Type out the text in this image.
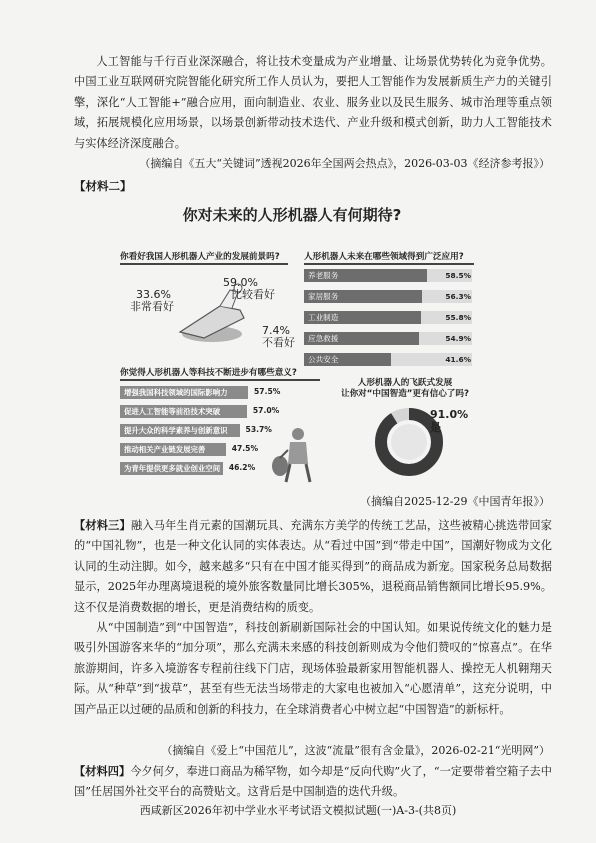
人工智能与千行百业深深融合，将让技术变量成为产业增量、让场景优势转化为竞争优势。中国工业互联网研究院智能化研究所工作人员认为，要把人工智能作为发展新质生产力的关键引擎，深化“人工智能+”融合应用，面向制造业、农业、服务业以及民生服务、城市治理等重点领域，拓展规模化应用场景，以场景创新带动技术迭代、产业升级和模式创新，助力人工智能技术与实体经济深度融合。

（摘编自《五大“关键词”透视2026年全国两会热点》，2026-03-03《经济参考报》）

【材料二】

你对未来的人形机器人有何期待?
你看好我国人形机器人产业的发展前景吗?
59.0%
比较看好
33.6%
非常看好
7.4%
不看好
人形机器人未来在哪些领域得到广泛应用?
养老服务	58.5%
家居服务	56.3%
工业制造	55.8%
应急救援	54.9%
公共安全	41.6%
你觉得人形机器人等科技不断进步有哪些意义?
增强我国科技领域的国际影响力	57.5%
促进人工智能等前沿技术突破	57.0%
提升大众的科学素养与创新意识 53.7%
推动相关产业链发展完善	47.5%
为青年提供更多就业创业空间 46.2%
人形机器人的飞跃式发展
让你对“中国智造”更有信心了吗?
91.0%
是

（摘编自2025-12-29《中国青年报》）

【材料三】融入马年生肖元素的国潮玩具、充满东方美学的传统工艺品，这些被精心挑选带回家的“中国礼物”，也是一种文化认同的实体表达。从“看过中国”到“带走中国”，国潮好物成为文化认同的生动注脚。如今，越来越多“只有在中国才能买得到”的商品成为新宠。国家税务总局数据显示，2025年办理离境退税的境外旅客数量同比增长305%，退税商品销售额同比增长95.9%。这不仅是消费数据的增长，更是消费结构的质变。

从“中国制造”到“中国智造”，科技创新刷新国际社会的中国认知。如果说传统文化的魅力是吸引外国游客来华的“加分项”，那么充满未来感的科技创新则成为令他们赞叹的“惊喜点”。在华旅游期间，许多入境游客专程前往线下门店，现场体验最新家用智能机器人、操控无人机翱翔天际。从“种草”到“拔草”，甚至有些无法当场带走的大家电也被加入“心愿清单”，这充分说明，中国产品正以过硬的品质和创新的科技力，在全球消费者心中树立起“中国智造”的新标杆。

（摘编自《爱上“中国范儿”，这波“流量”很有含金量》，2026-02-21“光明网”）

【材料四】今夕何夕，奉进口商品为稀罕物，如今却是“反向代购”火了，“一定要带着空箱子去中国”任居国外社交平台的高赞贴文。这背后是中国制造的迭代升级。

西咸新区2026年初中学业水平考试语文模拟试题(一)A-3-(共8页)
